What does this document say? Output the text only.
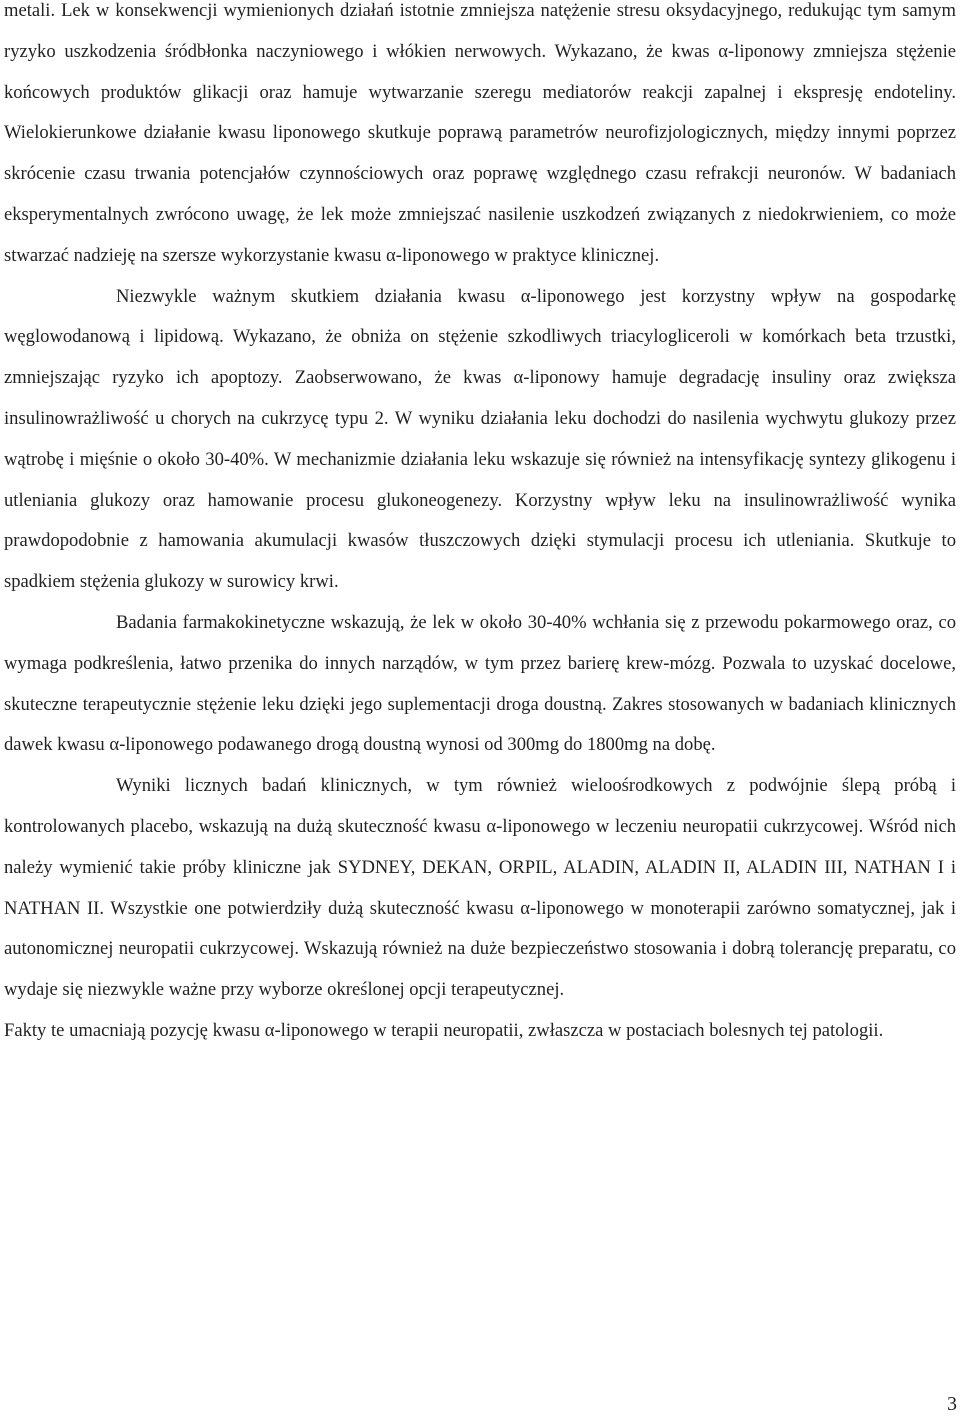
metali. Lek w konsekwencji wymienionych działań istotnie zmniejsza natężenie stresu oksydacyjnego, redukując tym samym ryzyko uszkodzenia śródbłonka naczyniowego i włókien nerwowych. Wykazano, że kwas α-liponowy zmniejsza stężenie końcowych produktów glikacji oraz hamuje wytwarzanie szeregu mediatorów reakcji zapalnej i ekspresję endoteliny. Wielokierunkowe działanie kwasu liponowego skutkuje poprawą parametrów neurofizjologicznych, między innymi poprzez skrócenie czasu trwania potencjałów czynnościowych oraz poprawę względnego czasu refrakcji neuronów. W badaniach eksperymentalnych zwrócono uwagę, że lek może zmniejszać nasilenie uszkodzeń związanych z niedokrwieniem, co może stwarzać nadzieję na szersze wykorzystanie kwasu α-liponowego w praktyce klinicznej.

Niezwykle ważnym skutkiem działania kwasu α-liponowego jest korzystny wpływ na gospodarkę węglowodanową i lipidową. Wykazano, że obniża on stężenie szkodliwych triacylogliceroli w komórkach beta trzustki, zmniejszając ryzyko ich apoptozy. Zaobserwowano, że kwas α-liponowy hamuje degradację insuliny oraz zwiększa insulinowrażliwość u chorych na cukrzycę typu 2. W wyniku działania leku dochodzi do nasilenia wychwytu glukozy przez wątrobę i mięśnie o około 30-40%. W mechanizmie działania leku wskazuje się również na intensyfikację syntezy glikogenu i utleniania glukozy oraz hamowanie procesu glukoneogenezy. Korzystny wpływ leku na insulinowrażliwość wynika prawdopodobnie z hamowania akumulacji kwasów tłuszczowych dzięki stymulacji procesu ich utleniania. Skutkuje to spadkiem stężenia glukozy w surowicy krwi.

Badania farmakokinetyczne wskazują, że lek w około 30-40% wchłania się z przewodu pokarmowego oraz, co wymaga podkreślenia, łatwo przenika do innych narządów, w tym przez barierę krew-mózg. Pozwala to uzyskać docelowe, skuteczne terapeutycznie stężenie leku dzięki jego suplementacji droga doustną. Zakres stosowanych w badaniach klinicznych dawek kwasu α-liponowego podawanego drogą doustną wynosi od 300mg do 1800mg na dobę.

Wyniki licznych badań klinicznych, w tym również wieloośrodkowych z podwójnie ślepą próbą i kontrolowanych placebo, wskazują na dużą skuteczność kwasu α-liponowego w leczeniu neuropatii cukrzycowej. Wśród nich należy wymienić takie próby kliniczne jak SYDNEY, DEKAN, ORPIL, ALADIN, ALADIN II, ALADIN III, NATHAN I i NATHAN II. Wszystkie one potwierdziły dużą skuteczność kwasu α-liponowego w monoterapii zarówno somatycznej, jak i autonomicznej neuropatii cukrzycowej. Wskazują również na duże bezpieczeństwo stosowania i dobrą tolerancję preparatu, co wydaje się niezwykle ważne przy wyborze określonej opcji terapeutycznej.

Fakty te umacniają pozycję kwasu α-liponowego w terapii neuropatii, zwłaszcza w postaciach bolesnych tej patologii.

3
